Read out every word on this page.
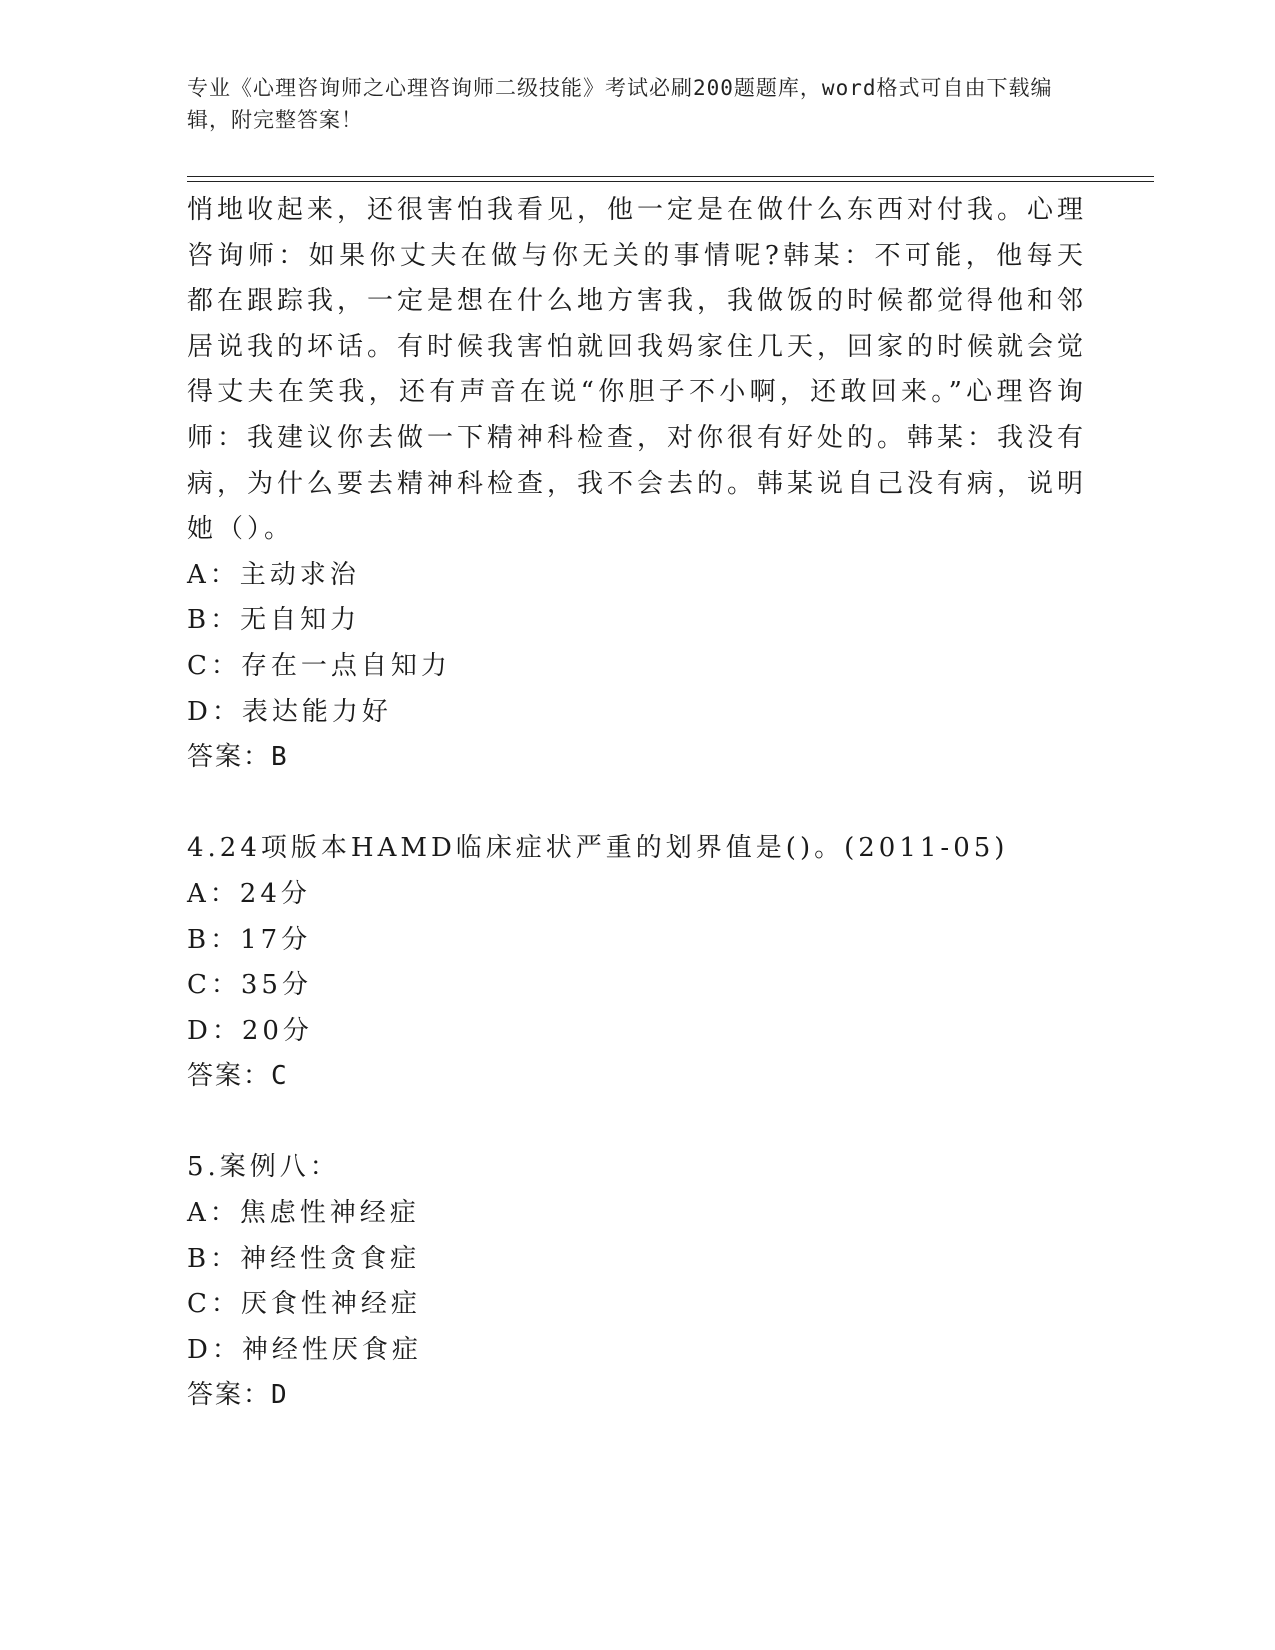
专业《心理咨询师之心理咨询师二级技能》考试必刷200题题库，word格式可自由下载编辑，附完整答案！

悄地收起来，还很害怕我看见，他一定是在做什么东西对付我。心理咨询师：如果你丈夫在做与你无关的事情呢?韩某：不可能，他每天都在跟踪我，一定是想在什么地方害我，我做饭的时候都觉得他和邻居说我的坏话。有时候我害怕就回我妈家住几天，回家的时候就会觉得丈夫在笑我，还有声音在说“你胆子不小啊，还敢回来。”心理咨询师：我建议你去做一下精神科检查，对你很有好处的。韩某：我没有病，为什么要去精神科检查，我不会去的。韩某说自己没有病，说明她（）。

A：主动求治
B：无自知力
C：存在一点自知力
D：表达能力好
答案：B
4.24项版本HAMD临床症状严重的划界值是()。(2011-05)
A：24分
B：17分
C：35分
D：20分
答案：C
5.案例八：
A：焦虑性神经症
B：神经性贪食症
C：厌食性神经症
D：神经性厌食症
答案：D
